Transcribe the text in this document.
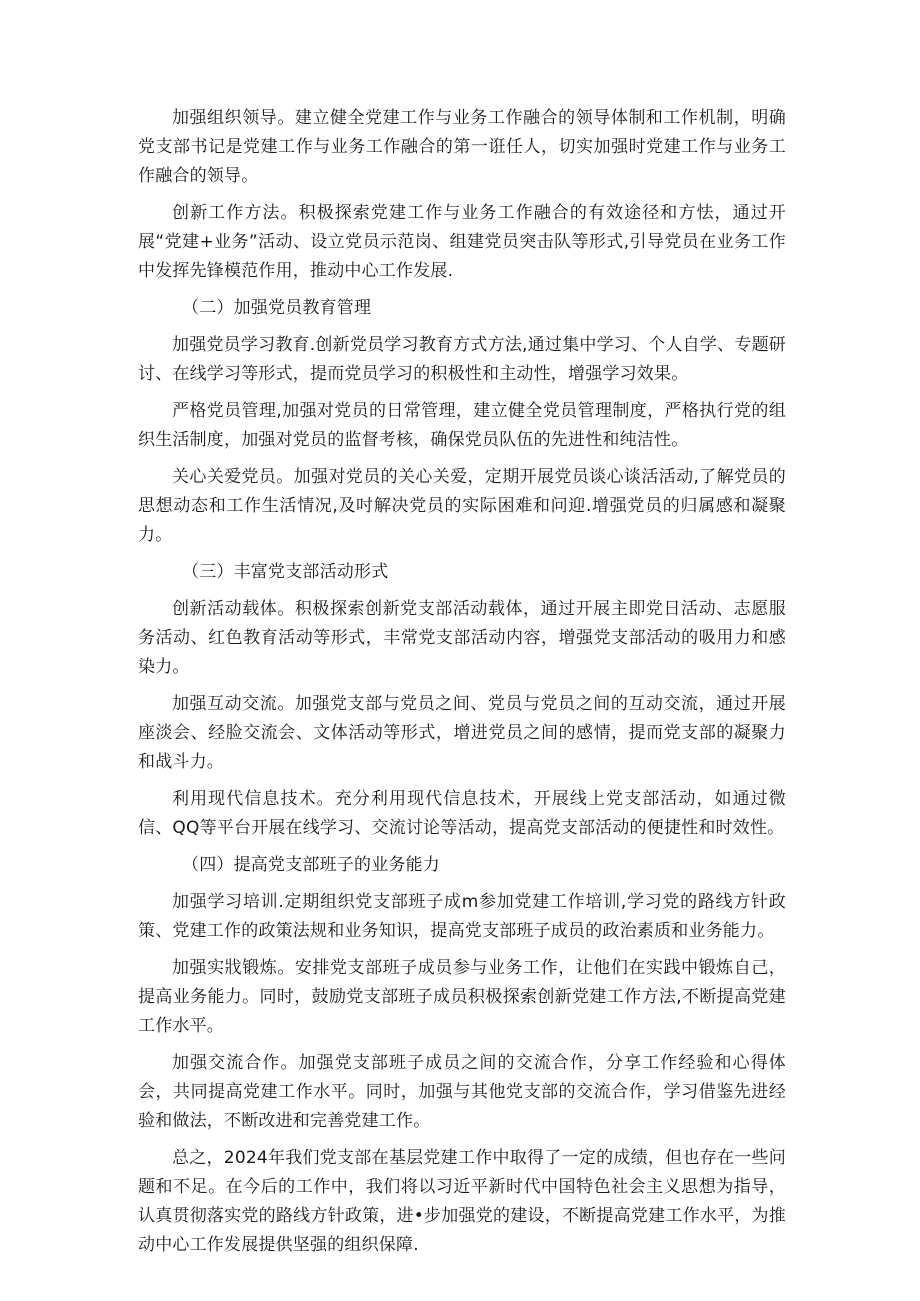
加强组织领导。建立健全党建工作与业务工作融合的领导体制和工作机制，明确党支部书记是党建工作与业务工作融合的第一诳任人，切实加强时党建工作与业务工作融合的领导。

创新工作方法。积极探索党建工作与业务工作融合的有效途径和方怯，通过开展“党建+业务”活动、设立党员示范岗、组建党员突击队等形式,引导党员在业务工作中发挥先锋模范作用，推动中心工作发展.

（二）加强党员教育管理

加强党员学习教育.创新党员学习教育方式方法,通过集中学习、个人自学、专题研讨、在线学习等形式，提而党员学习的积极性和主动性，增强学习效果。

严格党员管理,加强对党员的日常管理，建立健全党员管理制度，严格执行党的组织生活制度，加强对党员的监督考核，确保党员队伍的先进性和纯洁性。

关心关爱党员。加强对党员的关心关爱，定期开展党员谈心谈活活动,了解党员的思想动态和工作生活情况,及吋解决党员的实际困难和问迎.增强党员的归属感和凝聚力。

（三）丰富党支部活动形式

创新活动载体。积极探索创新党支部活动载体，通过开展主即党日活动、志愿服务活动、红色教育活动等形式，丰常党支部活动内容，增强党支部活动的吸用力和感染力。

加强互动交流。加强党支部与党员之间、党员与党员之间的互动交流，通过开展座淡会、经脸交流会、文体活动等形式，增进党员之间的感情，提而党支部的凝聚力和战斗力。

利用现代信息技术。充分利用现代信息技术，开展线上党支部活动，如通过微信、QQ等平台开展在线学习、交流讨论等活动，提高党支部活动的便捷性和时效性。

（四）提高党支部班子的业务能力

加强学习培训.定期组织党支部班子成m参加党建工作培训,学习党的路线方针政策、党建工作的政策法规和业务知识，提高党支部班子成员的政治素质和业务能力。

加强实戕锻炼。安排党支部班子成员参与业务工作，让他们在实践中锻炼自己，提高业务能力。同时，鼓励党支部班子成员积极探索创新党建工作方法,不断提高党建工作水平。

加强交流合作。加强党支部班子成员之间的交流合作，分享工作经验和心得体会，共同提高党建工作水平。同时，加强与其他党支部的交流合作，学习借鉴先进经验和做法，不断改进和完善党建工作。

总之，2024年我们党支部在基层党建工作中取得了一定的成绩，但也存在一些问题和不足。在今后的工作中，我们将以习近平新时代中国特色社会主义思想为指导，认真贯彻落实党的路线方针政策，进•步加强党的建设，不断提高党建工作水平，为推动中心工作发展提供坚强的组织保障.
